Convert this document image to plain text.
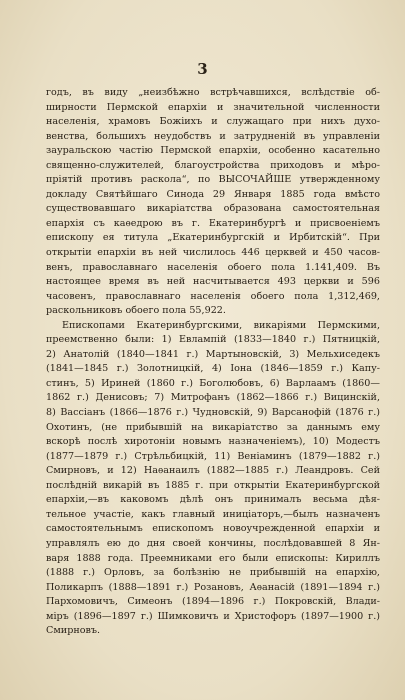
3
годъ, въ виду „неизбѣжно встрѣчавшихся, вслѣдствіе об-
ширности Пермской епархіи и значительной численности
населенія, храмовъ Божіихъ и служащаго при нихъ духо-
венства, большихъ неудобствъ и затрудненій въ управленіи
зауральскою частію Пермской епархіи, особенно касательно
священно-служителей, благоустройства приходовъ и мѣро-
пріятій противъ раскола“, по ВЫСОЧАЙШЕ утвержденному
докладу Святѣйшаго Синода 29 Января 1885 года вмѣсто
существовавшаго викаріатства образована самостоятельная
епархія съ каѳедрою въ г. Екатеринбургѣ и присвоеніемъ
епископу ея титула „Екатеринбургскій и Ирбитскій“. При
открытіи епархіи въ ней числилось 446 церквей и 450 часов-
венъ, православнаго населенія обоего пола 1.141,409. Въ
настоящее время въ ней насчитывается 493 церкви и 596
часовенъ, православнаго населенія обоего пола 1,312,469,
раскольниковъ обоего пола 55,922.
Епископами Екатеринбургскими, викаріями Пермскими,
преемственно были: 1) Евлампій (1833—1840 г.) Пятницкій,
2) Анатолій (1840—1841 г.) Мартыновскій, 3) Мельхиседекъ
(1841—1845 г.) Золотницкій, 4) Іона (1846—1859 г.) Капу-
стинъ, 5) Ириней (1860 г.) Боголюбовъ, 6) Варлаамъ (1860—
1862 г.) Денисовъ; 7) Митрофанъ (1862—1866 г.) Вицинскій,
8) Вассіанъ (1866—1876 г.) Чудновскій, 9) Варсанофій (1876 г.)
Охотинъ, (не прибывшій на викаріатство за даннымъ ему
вскорѣ послѣ хиротоніи новымъ назначеніемъ), 10) Модестъ
(1877—1879 г.) Стрѣльбицкій, 11) Веніаминъ (1879—1882 г.)
Смирновъ, и 12) Наѳанаилъ (1882—1885 г.) Леандровъ. Сей
послѣдній викарій въ 1885 г. при открытіи Екатеринбургской
епархіи,—въ каковомъ дѣлѣ онъ принималъ весьма дѣя-
тельное участіе, какъ главный иниціаторъ,—былъ назначенъ
самостоятельнымъ епископомъ новоучрежденной епархіи и
управлялъ ею до дня своей кончины, послѣдовавшей 8 Ян-
варя 1888 года. Преемниками его были епископы: Кириллъ
(1888 г.) Орловъ, за болѣзнію не прибывшій на епархію,
Поликарпъ (1888—1891 г.) Розановъ, Аѳанасій (1891—1894 г.)
Пархомовичъ, Симеонъ (1894—1896 г.) Покровскій, Влади-
міръ (1896—1897 г.) Шимковичъ и Христофоръ (1897—1900 г.)
Смирновъ.
